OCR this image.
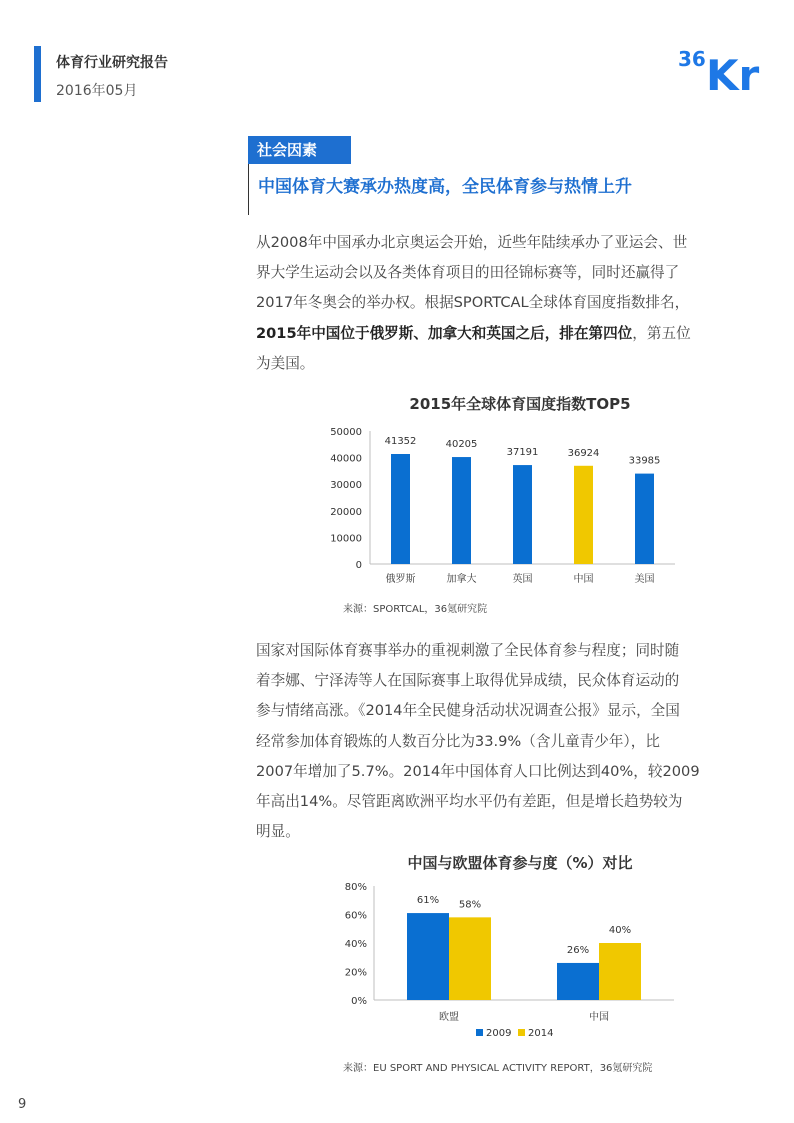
体育行业研究报告
2016年05月
36 Kr
社会因素
中国体育大赛承办热度高，全民体育参与热情上升

从2008年中国承办北京奥运会开始，近些年陆续承办了亚运会、世
界大学生运动会以及各类体育项目的田径锦标赛等，同时还赢得了
2017年冬奥会的举办权。根据SPORTCAL全球体育国度指数排名，
2015年中国位于俄罗斯、加拿大和英国之后，排在第四位，第五位
为美国。

2015年全球体育国度指数TOP5
0
10000
20000
30000
40000
50000
41352
俄罗斯
40205
加拿大
37191
英国
36924
中国
33985
美国
来源：SPORTCAL，36氪研究院

国家对国际体育赛事举办的重视刺激了全民体育参与程度；同时随
着李娜、宁泽涛等人在国际赛事上取得优异成绩，民众体育运动的
参与情绪高涨。《2014年全民健身活动状况调查公报》显示，全国
经常参加体育锻炼的人数百分比为33.9%（含儿童青少年），比
2007年增加了5.7%。2014年中国体育人口比例达到40%，较2009
年高出14%。尽管距离欧洲平均水平仍有差距，但是增长趋势较为
明显。

中国与欧盟体育参与度（%）对比
0%
20%
40%
60%
80%
61% 58%
欧盟
26%
40%
中国
2009 2014
来源：EU SPORT AND PHYSICAL ACTIVITY REPORT，36氪研究院
9
